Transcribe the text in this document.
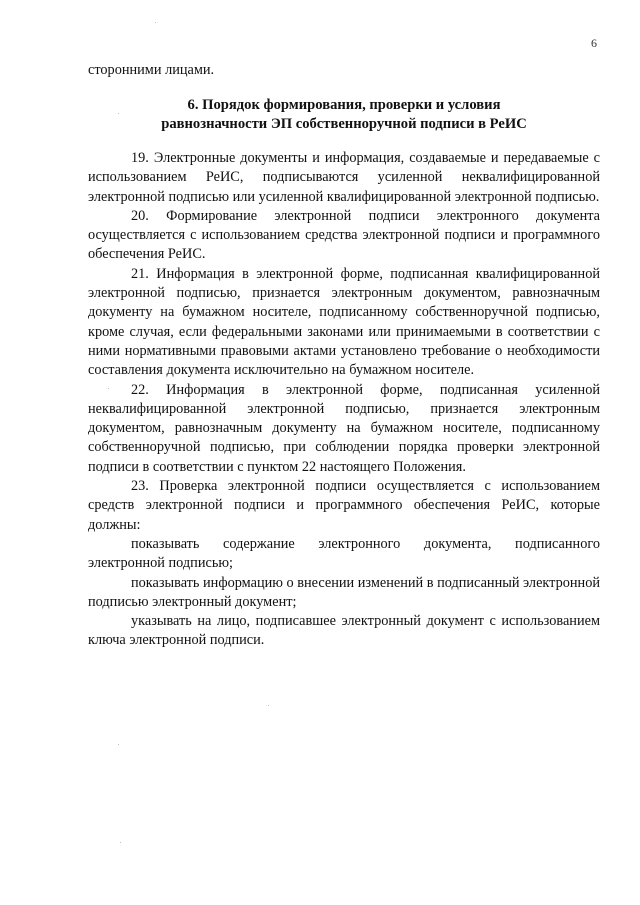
6
сторонними лицами.
6. Порядок формирования, проверки и условия
равнозначности ЭП собственноручной подписи в РеИС

19. Электронные документы и информация, создаваемые и передаваемые с использованием РеИС, подписываются усиленной неквалифицированной электронной подписью или усиленной квалифицированной электронной подписью.

20. Формирование электронной подписи электронного документа осуществляется с использованием средства электронной подписи и программного обеспечения РеИС.

21. Информация в электронной форме, подписанная квалифицированной электронной подписью, признается электронным документом, равнозначным документу на бумажном носителе, подписанному собственноручной подписью, кроме случая, если федеральными законами или принимаемыми в соответствии с ними нормативными правовыми актами установлено требование о необходимости составления документа исключительно на бумажном носителе.

22. Информация в электронной форме, подписанная усиленной неквалифицированной электронной подписью, признается электронным документом, равнозначным документу на бумажном носителе, подписанному собственноручной подписью, при соблюдении порядка проверки электронной подписи в соответствии с пунктом 22 настоящего Положения.

23. Проверка электронной подписи осуществляется с использованием средств электронной подписи и программного обеспечения РеИС, которые должны:

показывать содержание электронного документа, подписанного электронной подписью;

показывать информацию о внесении изменений в подписанный электронной подписью электронный документ;

указывать на лицо, подписавшее электронный документ с использованием ключа электронной подписи.
